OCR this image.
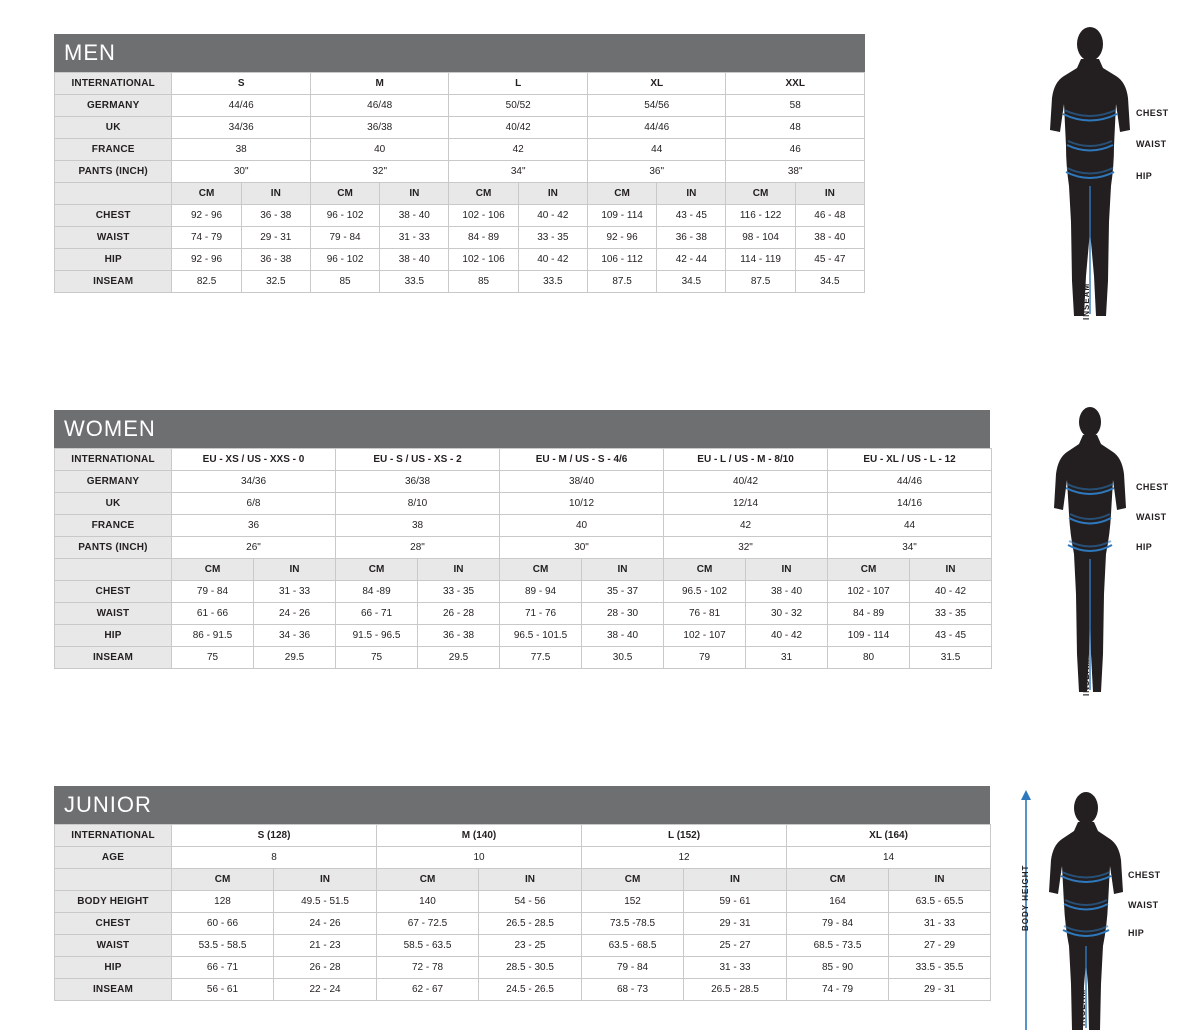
MEN
INTERNATIONAL	S		M		L		XL		XXL	
GERMANY	44/46		46/48		50/52		54/56		58	
UK	34/36		36/38		40/42		44/46		48	
FRANCE	38		40		42		44		46	
PANTS (INCH)	30"		32"		34"		36"		38"	
	CM	IN	CM	IN	CM	IN	CM	IN	CM	IN
CHEST	92 - 96	36 - 38	96 - 102	38 - 40	102 - 106	40 - 42	109 - 114	43 - 45	116 - 122	46 - 48
WAIST	74 - 79	29 - 31	79 - 84	31 - 33	84 - 89	33 - 35	92 - 96	36 - 38	98 - 104	38 - 40
HIP	92 - 96	36 - 38	96 - 102	38 - 40	102 - 106	40 - 42	106 - 112	42 - 44	114 - 119	45 - 47
INSEAM	82.5	32.5	85	33.5	85	33.5	87.5	34.5	87.5	34.5
CHEST
WAIST
HIP
INSEAM
WOMEN
INTERNATIONAL	EU - XS / US - XXS - 0		EU - S / US - XS - 2		EU - M / US - S - 4/6		EU - L / US - M - 8/10		EU - XL / US - L - 12	
GERMANY	34/36		36/38		38/40		40/42		44/46	
UK	6/8		8/10		10/12		12/14		14/16	
FRANCE	36		38		40		42		44	
PANTS (INCH)	26"		28"		30"		32"		34"	
	CM	IN	CM	IN	CM	IN	CM	IN	CM	IN
CHEST	79 - 84	31 - 33	84 -89	33 - 35	89 - 94	35 - 37	96.5 - 102	38 - 40	102 - 107	40 - 42
WAIST	61 - 66	24 - 26	66 - 71	26 - 28	71 - 76	28 - 30	76 - 81	30 - 32	84 - 89	33 - 35
HIP	86 - 91.5	34 - 36	91.5 - 96.5	36 - 38	96.5 - 101.5	38 - 40	102 - 107	40 - 42	109 - 114	43 - 45
INSEAM	75	29.5	75	29.5	77.5	30.5	79	31	80	31.5
CHEST
WAIST
HIP
INSEAM
JUNIOR
INTERNATIONAL	S (128)		M (140)		L (152)		XL (164)	
AGE	8		10		12		14	
	CM	IN	CM	IN	CM	IN	CM	IN
BODY HEIGHT	128	49.5 - 51.5	140	54 - 56	152	59 - 61	164	63.5 - 65.5
CHEST	60 - 66	24 - 26	67 - 72.5	26.5 - 28.5	73.5 -78.5	29 - 31	79 - 84	31 - 33
WAIST	53.5 - 58.5	21 - 23	58.5 - 63.5	23 - 25	63.5 - 68.5	25 - 27	68.5 - 73.5	27 - 29
HIP	66 - 71	26 - 28	72 - 78	28.5 - 30.5	79 - 84	31 - 33	85 - 90	33.5 - 35.5
INSEAM	56 - 61	22 - 24	62 - 67	24.5 - 26.5	68 - 73	26.5 - 28.5	74 - 79	29 - 31
CHEST
WAIST
HIP
BODY HEIGHT
INSEAM
